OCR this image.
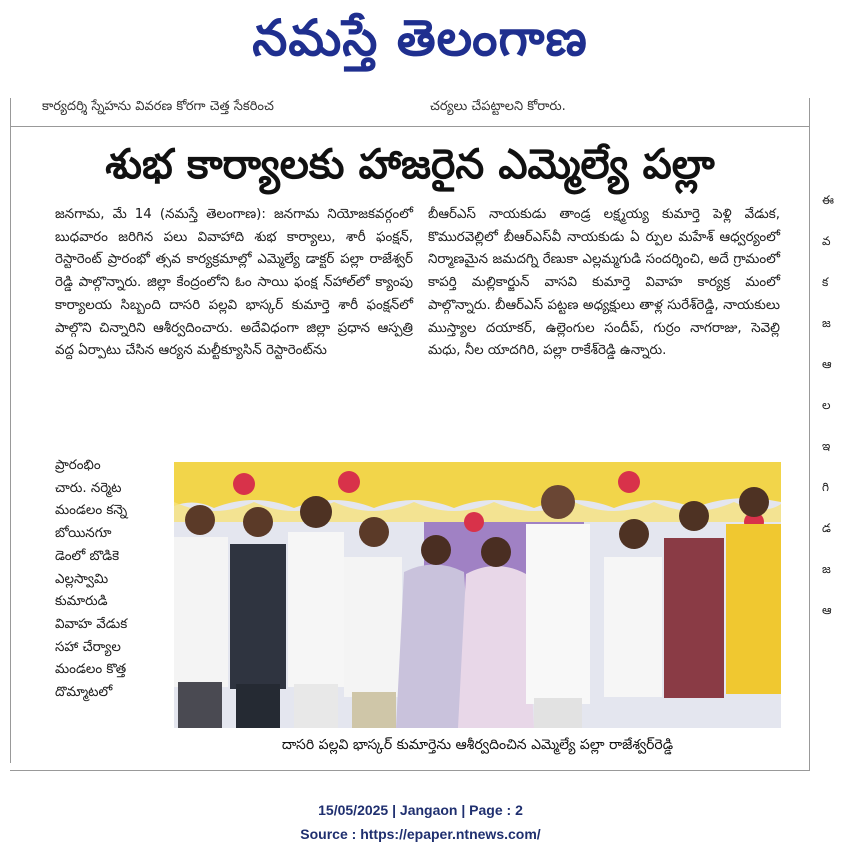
నమస్తే తెలంగాణ
కార్యదర్శి స్నేహను వివరణ కోరగా చెత్త సేకరించ	చర్యలు చేపట్టాలని కోరారు.
శుభ కార్యాలకు హాజరైన ఎమ్మెల్యే పల్లా

జనగామ, మే 14 (నమస్తే తెలంగాణ): జనగామ నియోజకవర్గంలో బుధవారం జరిగిన పలు వివాహాది శుభ కార్యాలు, శారీ ఫంక్షన్, రెస్టారెంట్ ప్రారంభో త్సవ కార్యక్రమాల్లో ఎమ్మెల్యే డాక్టర్ పల్లా రాజేశ్వర్ రెడ్డి పాల్గొన్నారు. జిల్లా కేంద్రంలోని ఓం సాయి ఫంక్ష న్‌హాల్‌లో క్యాంపు కార్యాలయ సిబ్బంది దాసరి పల్లవి భాస్కర్ కుమార్తె శారీ ఫంక్షన్‌లో పాల్గొని చిన్నారిని ఆశీర్వదించారు. అదేవిధంగా జిల్లా ప్రధాన ఆస్పత్రి వద్ద ఏర్పాటు చేసిన ఆర్యన మల్టీక్యూసిన్ రెస్టారెంట్‌ను

బీఆర్ఎస్ నాయకుడు తాండ్ర లక్ష్మయ్య కుమార్తె పెళ్లి వేడుక, కొమురవెల్లిలో బీఆర్ఎస్‌వీ నాయకుడు ఏ ర్పుల మహేశ్ ఆధ్వర్యంలో నిర్మాణమైన జమదగ్ని రేణుకా ఎల్లమ్మగుడి సందర్శించి, అదే గ్రామంలో కాపర్తి మల్లికార్జున్ వాసవి కుమార్తె వివాహ కార్యక్ర మంలో పాల్గొన్నారు. బీఆర్ఎస్ పట్టణ అధ్యక్షులు తాళ్ల సురేశ్‌రెడ్డి, నాయకులు ముస్త్యాల దయాకర్, ఉల్లెంగుల సందీప్, గుర్రం నాగరాజు, సెవెల్లి మధు, నీల యాదగిరి, పల్లా రాకేశ్‌రెడ్డి ఉన్నారు.

ప్రారంభిం
చారు. నర్మెట
మండలం కన్నె
బోయినగూ
డెంలో బొడికె
ఎల్లస్వామి
కుమారుడి
వివాహ వేడుక
సహా చేర్యాల
మండలం కొత్త
దొమ్మాటలో
దాసరి పల్లవి భాస్కర్ కుమార్తెను ఆశీర్వదించిన ఎమ్మెల్యే పల్లా రాజేశ్వర్‌రెడ్డి
ఈ
వ
క
జ
ఆ
ల
ఇ
గి
డ
జ
ఆ
15/05/2025 | Jangaon | Page : 2
Source : https://epaper.ntnews.com/
